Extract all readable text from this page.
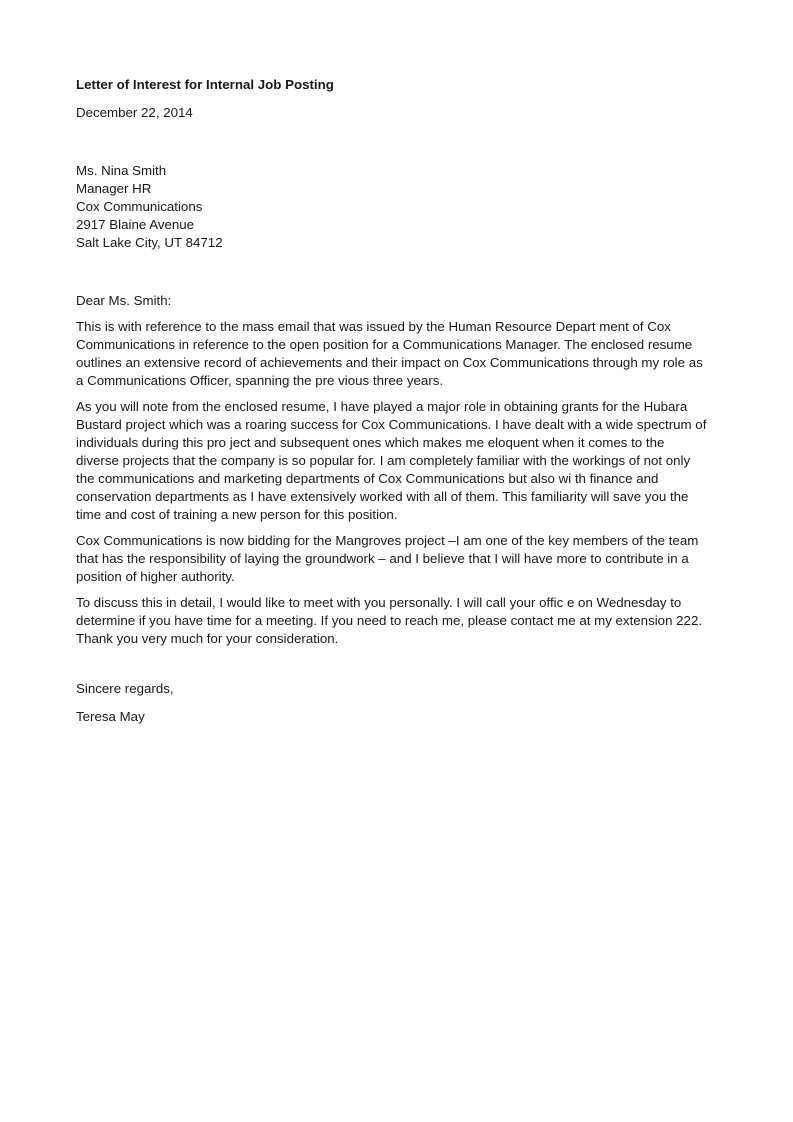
Letter of Interest for Internal Job Posting
December 22, 2014
Ms. Nina Smith
Manager HR
Cox Communications
2917 Blaine Avenue
Salt Lake City, UT 84712
Dear Ms. Smith:
This is with reference to the mass email that was issued by the Human Resource Depart ment of Cox Communications in reference to the open position for a Communications Manager. The enclosed resume outlines an extensive record of achievements and their impact on Cox Communications through my role as a Communications Officer, spanning the pre vious three years.
As you will note from the enclosed resume, I have played a major role in obtaining grants for the Hubara Bustard project which was a roaring success for Cox Communications. I have dealt with a wide spectrum of individuals during this pro ject and subsequent ones which makes me eloquent when it comes to the diverse projects that the company is so popular for. I am completely familiar with the workings of not only the communications and marketing departments of Cox Communications but also wi th finance and conservation departments as I have extensively worked with all of them. This familiarity will save you the time and cost of training a new person for this position.
Cox Communications is now bidding for the Mangroves project –I am one of the key members of the team that has the responsibility of laying the groundwork – and I believe that I will have more to contribute in a position of higher authority.
To discuss this in detail, I would like to meet with you personally. I will call your offic e on Wednesday to determine if you have time for a meeting. If you need to reach me, please contact me at my extension 222. Thank you very much for your consideration.
Sincere regards,
Teresa May
